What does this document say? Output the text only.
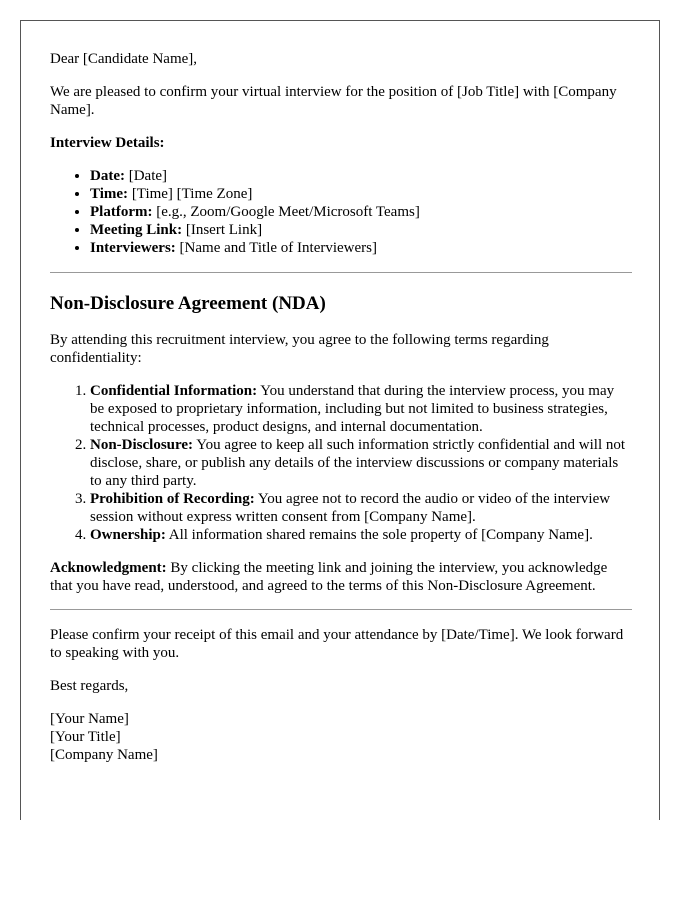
Dear [Candidate Name],

We are pleased to confirm your virtual interview for the position of [Job Title] with [Company Name].

Interview Details:

• Date: [Date]
• Time: [Time] [Time Zone]
• Platform: [e.g., Zoom/Google Meet/Microsoft Teams]
• Meeting Link: [Insert Link]
• Interviewers: [Name and Title of Interviewers]
Non-Disclosure Agreement (NDA)

By attending this recruitment interview, you agree to the following terms regarding confidentiality:

1. Confidential Information: You understand that during the interview process, you may be exposed to proprietary information, including but not limited to business strategies, technical processes, product designs, and internal documentation.
2. Non-Disclosure: You agree to keep all such information strictly confidential and will not disclose, share, or publish any details of the interview discussions or company materials to any third party.
3. Prohibition of Recording: You agree not to record the audio or video of the interview session without express written consent from [Company Name].
4. Ownership: All information shared remains the sole property of [Company Name].

Acknowledgment: By clicking the meeting link and joining the interview, you acknowledge that you have read, understood, and agreed to the terms of this Non-Disclosure Agreement.

Please confirm your receipt of this email and your attendance by [Date/Time]. We look forward to speaking with you.

Best regards,

[Your Name]

[Your Title]

[Company Name]
